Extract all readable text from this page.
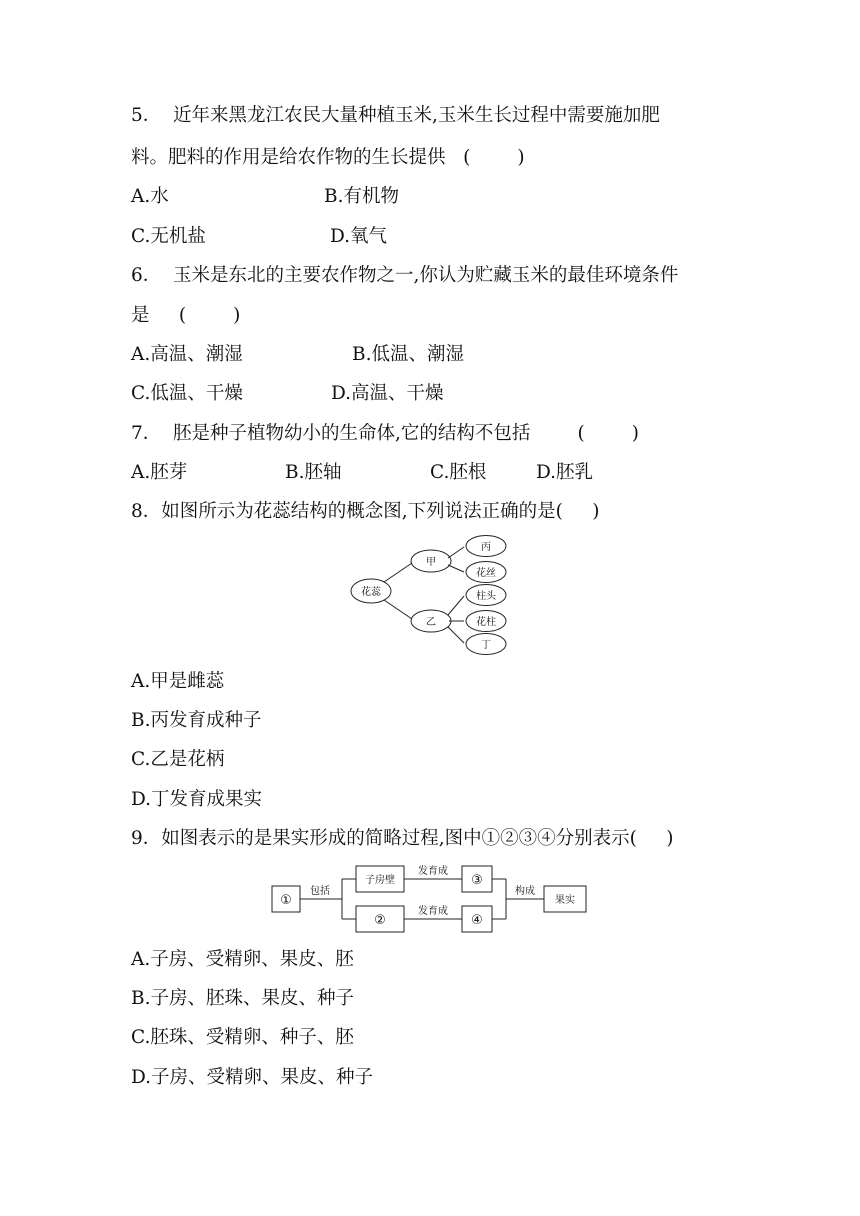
5．  近年来黑龙江农民大量种植玉米,玉米生长过程中需要施加肥
料。肥料的作用是给农作物的生长提供   (        )
A.水	B.有机物
C.无机盐	D.氧气
6．  玉米是东北的主要农作物之一,你认为贮藏玉米的最佳环境条件
是     (        )
A.高温、潮湿	B.低温、潮湿
C.低温、干燥	D.高温、干燥
7．  胚是种子植物幼小的生命体,它的结构不包括        (        )
A.胚芽	B.胚轴	C.胚根	D.胚乳
8．如图所示为花蕊结构的概念图,下列说法正确的是(     )
花蕊
甲
乙
丙
花丝
柱头
花柱
丁
A.甲是雌蕊
B.丙发育成种子
C.乙是花柄
D.丁发育成果实
9．如图表示的是果实形成的简略过程,图中①②③④分别表示(     )
①
包括
子房壁
②
发育成
发育成
③
④
构成
果实
A.子房、受精卵、果皮、胚
B.子房、胚珠、果皮、种子
C.胚珠、受精卵、种子、胚
D.子房、受精卵、果皮、种子
